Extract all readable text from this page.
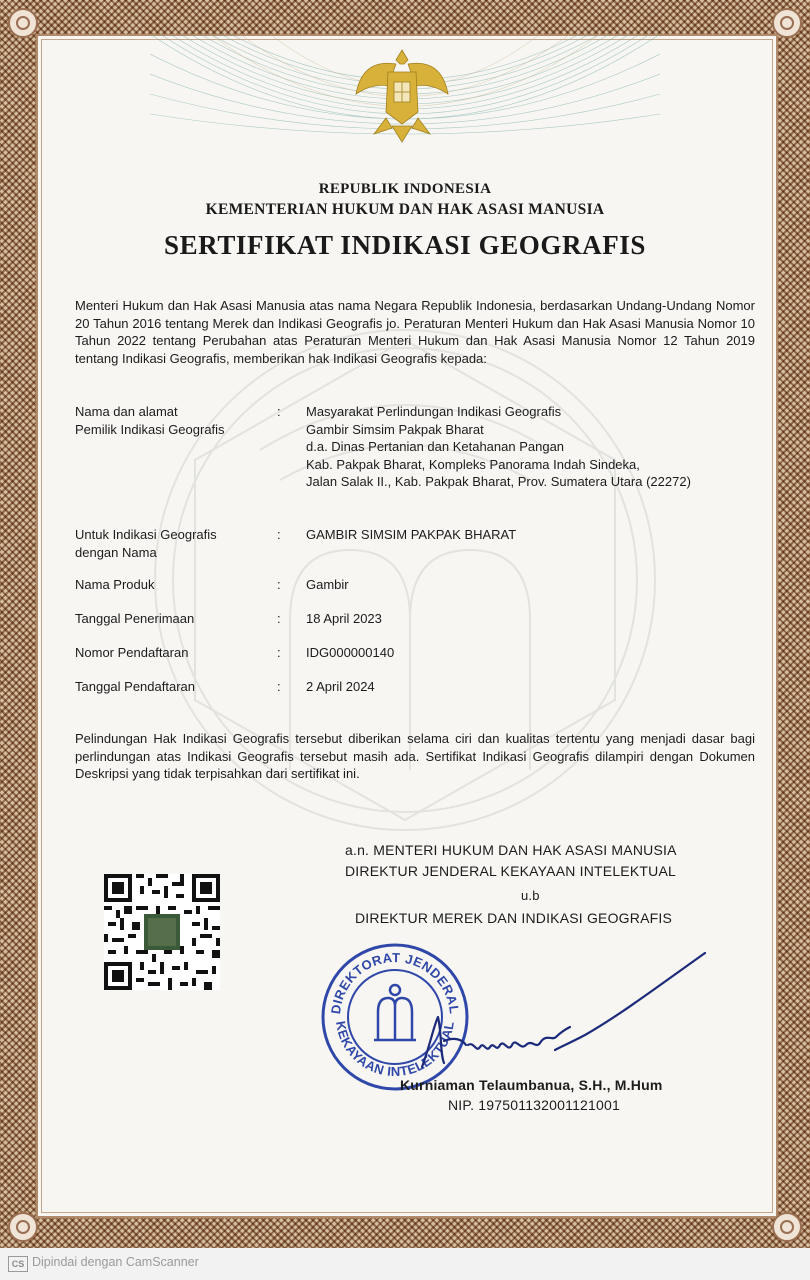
REPUBLIK INDONESIA
KEMENTERIAN HUKUM DAN HAK ASASI MANUSIA
SERTIFIKAT INDIKASI GEOGRAFIS
Menteri Hukum dan Hak Asasi Manusia atas nama Negara Republik Indonesia, berdasarkan Undang-Undang Nomor 20 Tahun 2016 tentang Merek dan Indikasi Geografis jo. Peraturan Menteri Hukum dan Hak Asasi Manusia Nomor 10 Tahun 2022 tentang Perubahan atas Peraturan Menteri Hukum dan Hak Asasi Manusia Nomor 12 Tahun 2019 tentang Indikasi Geografis, memberikan hak Indikasi Geografis kepada:
Nama dan alamat
Pemilik Indikasi Geografis
: Masyarakat Perlindungan Indikasi Geografis
Gambir Simsim Pakpak Bharat
d.a. Dinas Pertanian dan Ketahanan Pangan
Kab. Pakpak Bharat, Kompleks Panorama Indah Sindeka,
Jalan Salak II., Kab. Pakpak Bharat, Prov. Sumatera Utara (22272)
Untuk Indikasi Geografis
dengan Nama
: GAMBIR SIMSIM PAKPAK BHARAT
Nama Produk	: Gambir
Tanggal Penerimaan	: 18 April 2023
Nomor Pendaftaran	: IDG000000140
Tanggal Pendaftaran	: 2 April 2024
Pelindungan Hak Indikasi Geografis tersebut diberikan selama ciri dan kualitas tertentu yang menjadi dasar bagi perlindungan atas Indikasi Geografis tersebut masih ada. Sertifikat Indikasi Geografis dilampiri dengan Dokumen Deskripsi yang tidak terpisahkan dari sertifikat ini.
a.n. MENTERI HUKUM DAN HAK ASASI MANUSIA
DIREKTUR JENDERAL KEKAYAAN INTELEKTUAL
u.b
DIREKTUR MEREK DAN INDIKASI GEOGRAFIS
DIREKTORAT JENDERAL
KEKAYAAN INTELEKTUAL
Kurniaman Telaumbanua, S.H., M.Hum
NIP. 197501132001121001
CS Dipindai dengan CamScanner
